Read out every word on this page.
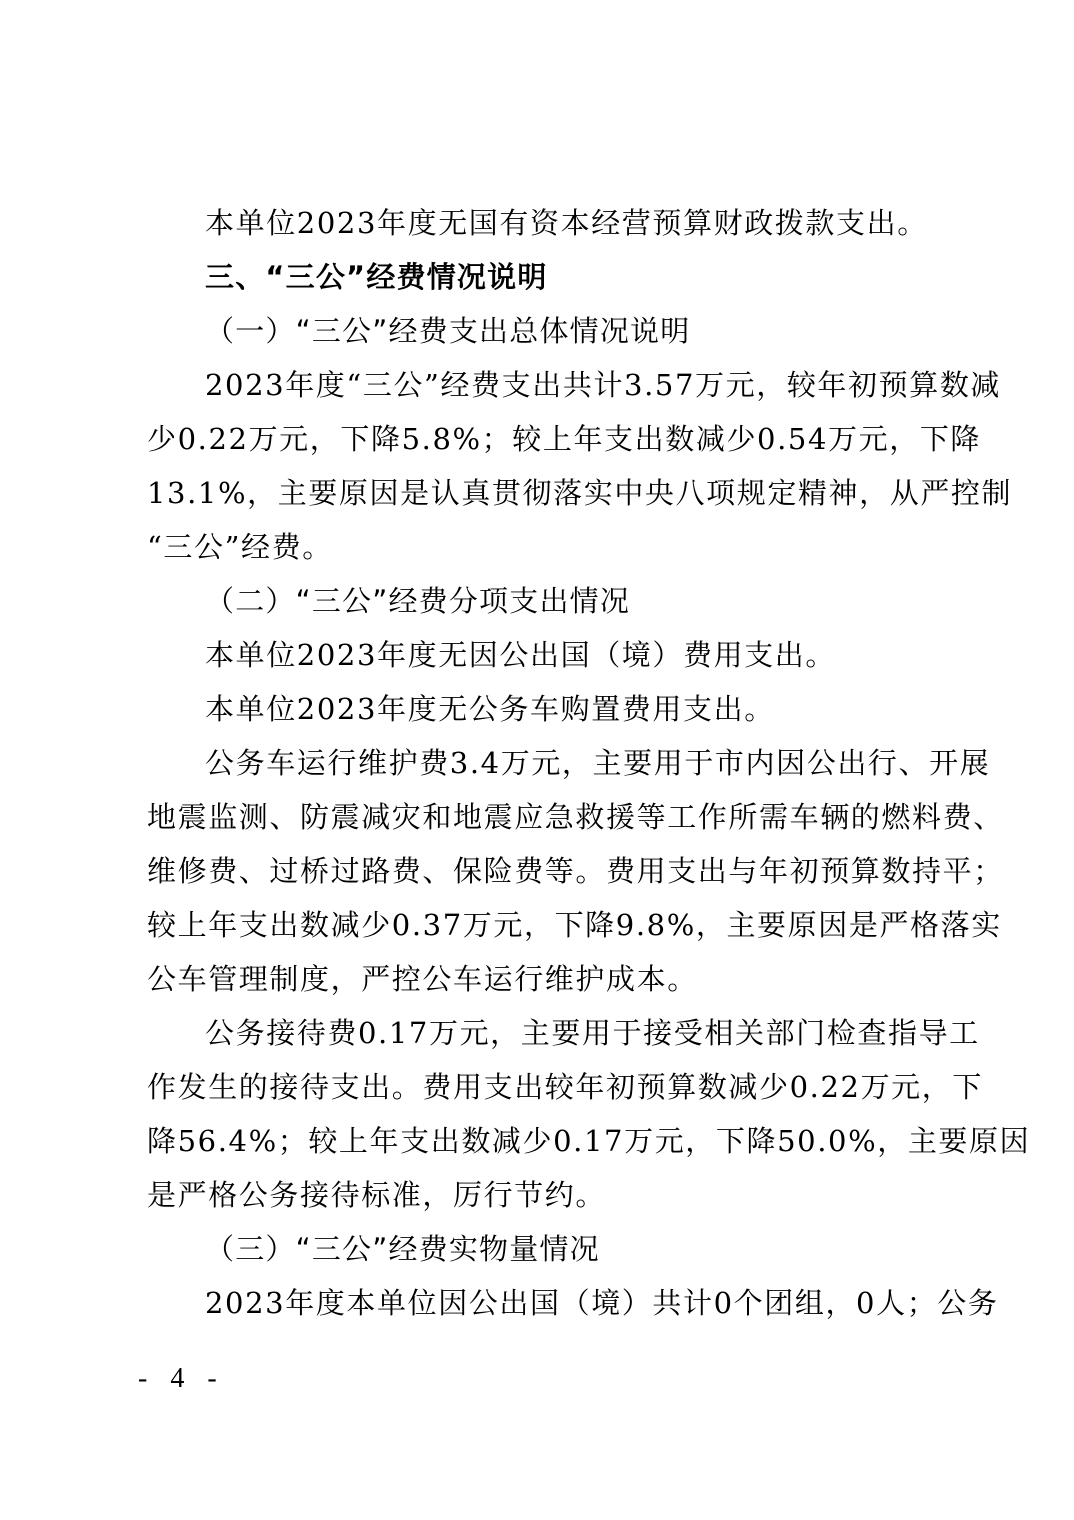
本单位2023年度无国有资本经营预算财政拨款支出。

三、“三公”经费情况说明

（一）“三公”经费支出总体情况说明

2023年度“三公”经费支出共计3.57万元，较年初预算数减

少0.22万元，下降5.8%；较上年支出数减少0.54万元，下降

13.1%，主要原因是认真贯彻落实中央八项规定精神，从严控制

“三公”经费。

（二）“三公”经费分项支出情况

本单位2023年度无因公出国（境）费用支出。

本单位2023年度无公务车购置费用支出。

公务车运行维护费3.4万元，主要用于市内因公出行、开展

地震监测、防震减灾和地震应急救援等工作所需车辆的燃料费、

维修费、过桥过路费、保险费等。费用支出与年初预算数持平；

较上年支出数减少0.37万元，下降9.8%，主要原因是严格落实

公车管理制度，严控公车运行维护成本。

公务接待费0.17万元，主要用于接受相关部门检查指导工

作发生的接待支出。费用支出较年初预算数减少0.22万元，下

降56.4%；较上年支出数减少0.17万元，下降50.0%，主要原因

是严格公务接待标准，厉行节约。

（三）“三公”经费实物量情况

2023年度本单位因公出国（境）共计0个团组，0人；公务

- 4 -
